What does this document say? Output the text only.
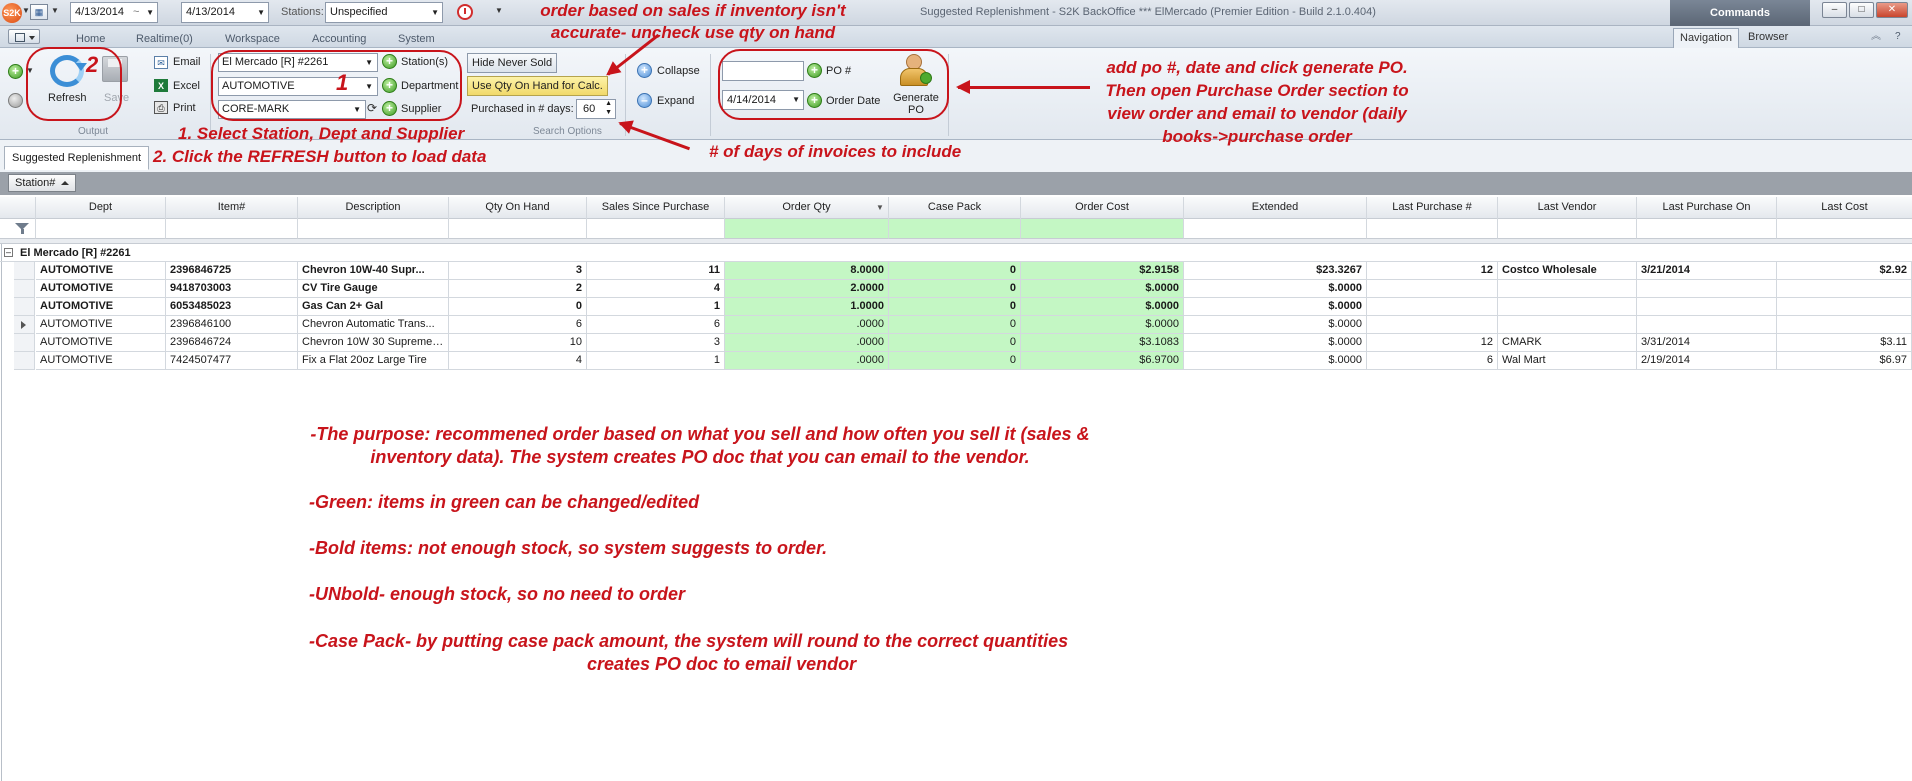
S2K ▼ ▦ ▼	4/13/2014	▼
~	4/13/2014	▼ Stations: Unspecified	▼	▼	Suggested Replenishment - S2K BackOffice *** ElMercado (Premier Edition - Build 2.1.0.404)	Commands	–	□	✕
Home	Realtime(0)	Workspace	Accounting	System	Navigation	Browser	︽ ?
+ ▼
Refresh Save
✉ Email
X Excel
⎙ Print
Output
El Mercado [R] #2261	▼
AUTOMOTIVE	▼
CORE-MARK	▼ ⟳
+ Station(s)
+ Department
+ Supplier
Hide Never Sold
Use Qty On Hand for Calc.
Purchased in # days: 60 ▲
▼
Search Options
+ Collapse
– Expand
+ PO #
4/14/2014 ▼ + Order Date Generate
PO
Suggested Replenishment
Station#
Dept	Item#	Description	Qty On Hand	Sales Since Purchase	Order Qty	▼	Case Pack	Order Cost	Extended	Last Purchase #	Last Vendor	Last Purchase On	Last Cost
– El Mercado [R] #2261
AUTOMOTIVE	2396846725	Chevron 10W-40 Supr...	3	11	8.0000	0	$2.9158	$23.3267	12 Costco Wholesale	3/21/2014	$2.92
AUTOMOTIVE	9418703003	CV Tire Gauge	2	4	2.0000	0	$.0000	$.0000
AUTOMOTIVE	6053485023	Gas Can 2+ Gal	0	1	1.0000	0	$.0000	$.0000
AUTOMOTIVE	2396846100	Chevron Automatic Trans...	6	6	.0000	0	$.0000	$.0000
AUTOMOTIVE	2396846724	Chevron 10W 30 Supreme ...	10	3	.0000	0	$3.1083	$.0000	12 CMARK	3/31/2014	$3.11
AUTOMOTIVE	7424507477	Fix a Flat 20oz Large Tire	4	1	.0000	0	$6.9700	$.0000	6 Wal Mart	2/19/2014	$6.97
2
1
order based on sales if inventory isn't
accurate- uncheck use qty on hand
1. Select Station, Dept and Supplier
2. Click the REFRESH button to load data	# of days of invoices to include
add po #, date and click generate PO.
Then open Purchase Order section to
view order and email to vendor (daily
books->purchase order
-The purpose: recommened order based on what you sell and how often you sell it (sales &
inventory data). The system creates PO doc that you can email to the vendor.
-Green: items in green can be changed/edited
-Bold items: not enough stock, so system suggests to order.
-UNbold- enough stock, so no need to order
-Case Pack- by putting case pack amount, the system will round to the correct quantities
creates PO doc to email vendor
